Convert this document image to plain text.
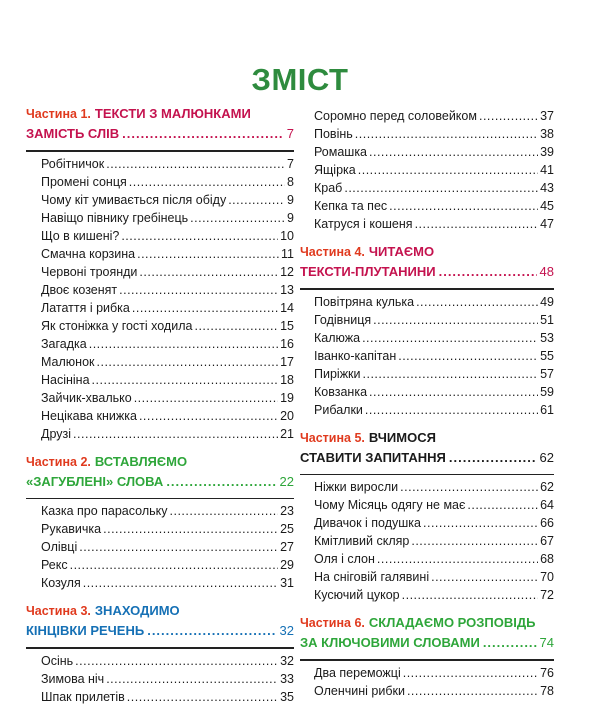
ЗМІСТ
Частина 1. ТЕКСТИ З МАЛЮНКАМИ
ЗАМІСТЬ СЛІВ .....	7
Робітничок .....	7
Промені сонця .....	8
Чому кіт умивається після обіду .....	9
Навіщо півнику гребінець .....	9
Що в кишені? .....	10
Смачна корзина .....	11
Червоні троянди .....	12
Двоє козенят .....	13
Латаття і рибка .....	14
Як стоніжка у гості ходила .....	15
Загадка .....	16
Малюнок .....	17
Насініна .....	18
Зайчик-хвалько .....	19
Нецікава книжка .....	20
Друзі .....	21
Частина 2. ВСТАВЛЯЄМО
«ЗАГУБЛЕНІ» СЛОВА .....	22
Казка про парасольку .....	23
Рукавичка .....	25
Олівці .....	27
Рекс .....	29
Козуля .....	31
Частина 3. ЗНАХОДИМО
КІНЦІВКИ РЕЧЕНЬ .....	32
Осінь .....	32
Зимова ніч .....	33
Шпак прилетів .....	35
Соромно перед соловейком .....	37
Повінь .....	38
Ромашка .....	39
Ящірка .....	41
Краб .....	43
Кепка та пес .....	45
Катруся і кошеня .....	47
Частина 4. ЧИТАЄМО
ТЕКСТИ-ПЛУТАНИНИ .....	48
Повітряна кулька .....	49
Годівниця .....	51
Калюжа .....	53
Іванко-капітан .....	55
Пиріжки .....	57
Ковзанка .....	59
Рибалки .....	61
Частина 5. ВЧИМОСЯ
СТАВИТИ ЗАПИТАННЯ .....	62
Ніжки виросли .....	62
Чому Місяць одягу не має .....	64
Дивачок і подушка .....	66
Кмітливий скляр .....	67
Оля і слон .....	68
На сніговій галявині .....	70
Кусючий цукор .....	72
Частина 6. СКЛАДАЄМО РОЗПОВІДЬ
ЗА КЛЮЧОВИМИ СЛОВАМИ .....	74
Два переможці .....	76
Оленчині рибки .....	78
